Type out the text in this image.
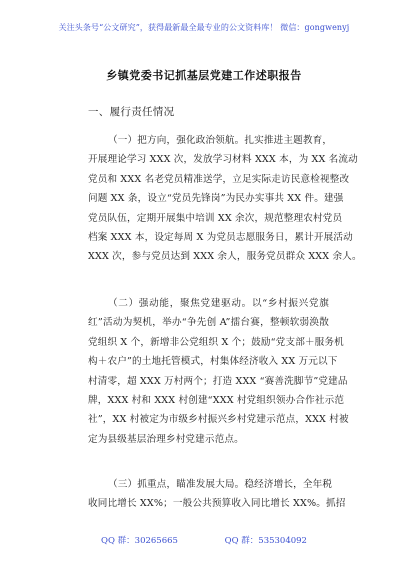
关注头条号“公文研究”，获得最新最全最专业的公文资料库！ 微信：gongwenyj
乡镇党委书记抓基层党建工作述职报告
一、履行责任情况
（一）把方向，强化政治领航。扎实推进主题教育，
开展理论学习 XXX 次，发放学习材料 XXX 本，为 XX 名流动
党员和 XXX 名老党员精准送学，立足实际走访民意检视整改
问题 XX 条，设立“党员先锋岗”为民办实事共 XX 件。建强
党员队伍，定期开展集中培训 XX 余次，规范整理农村党员
档案 XXX 本，设定每周 X 为党员志愿服务日，累计开展活动
XXX 次，参与党员达到 XXX 余人，服务党员群众 XXX 余人。
（二）强动能，聚焦党建驱动。以“乡村振兴党旗
红”活动为契机，举办“争先创 A”擂台赛，整顿软弱涣散
党组织 X 个，新增非公党组织 X 个；鼓励“党支部＋服务机
构＋农户”的土地托管模式，村集体经济收入 XX 万元以下
村清零，超 XXX 万村两个；打造 XXX “赛善洗脚节”党建品
牌，XXX 村和 XXX 村创建“XXX 村党组织领办合作社示范
社”，XX 村被定为市级乡村振兴乡村党建示范点，XXX 村被
定为县级基层治理乡村党建示范点。
（三）抓重点，瞄准发展大局。稳经济增长，全年税
收同比增长 XX%；一般公共预算收入同比增长 XX%。抓招
QQ 群：30265665	QQ 群：535304092
